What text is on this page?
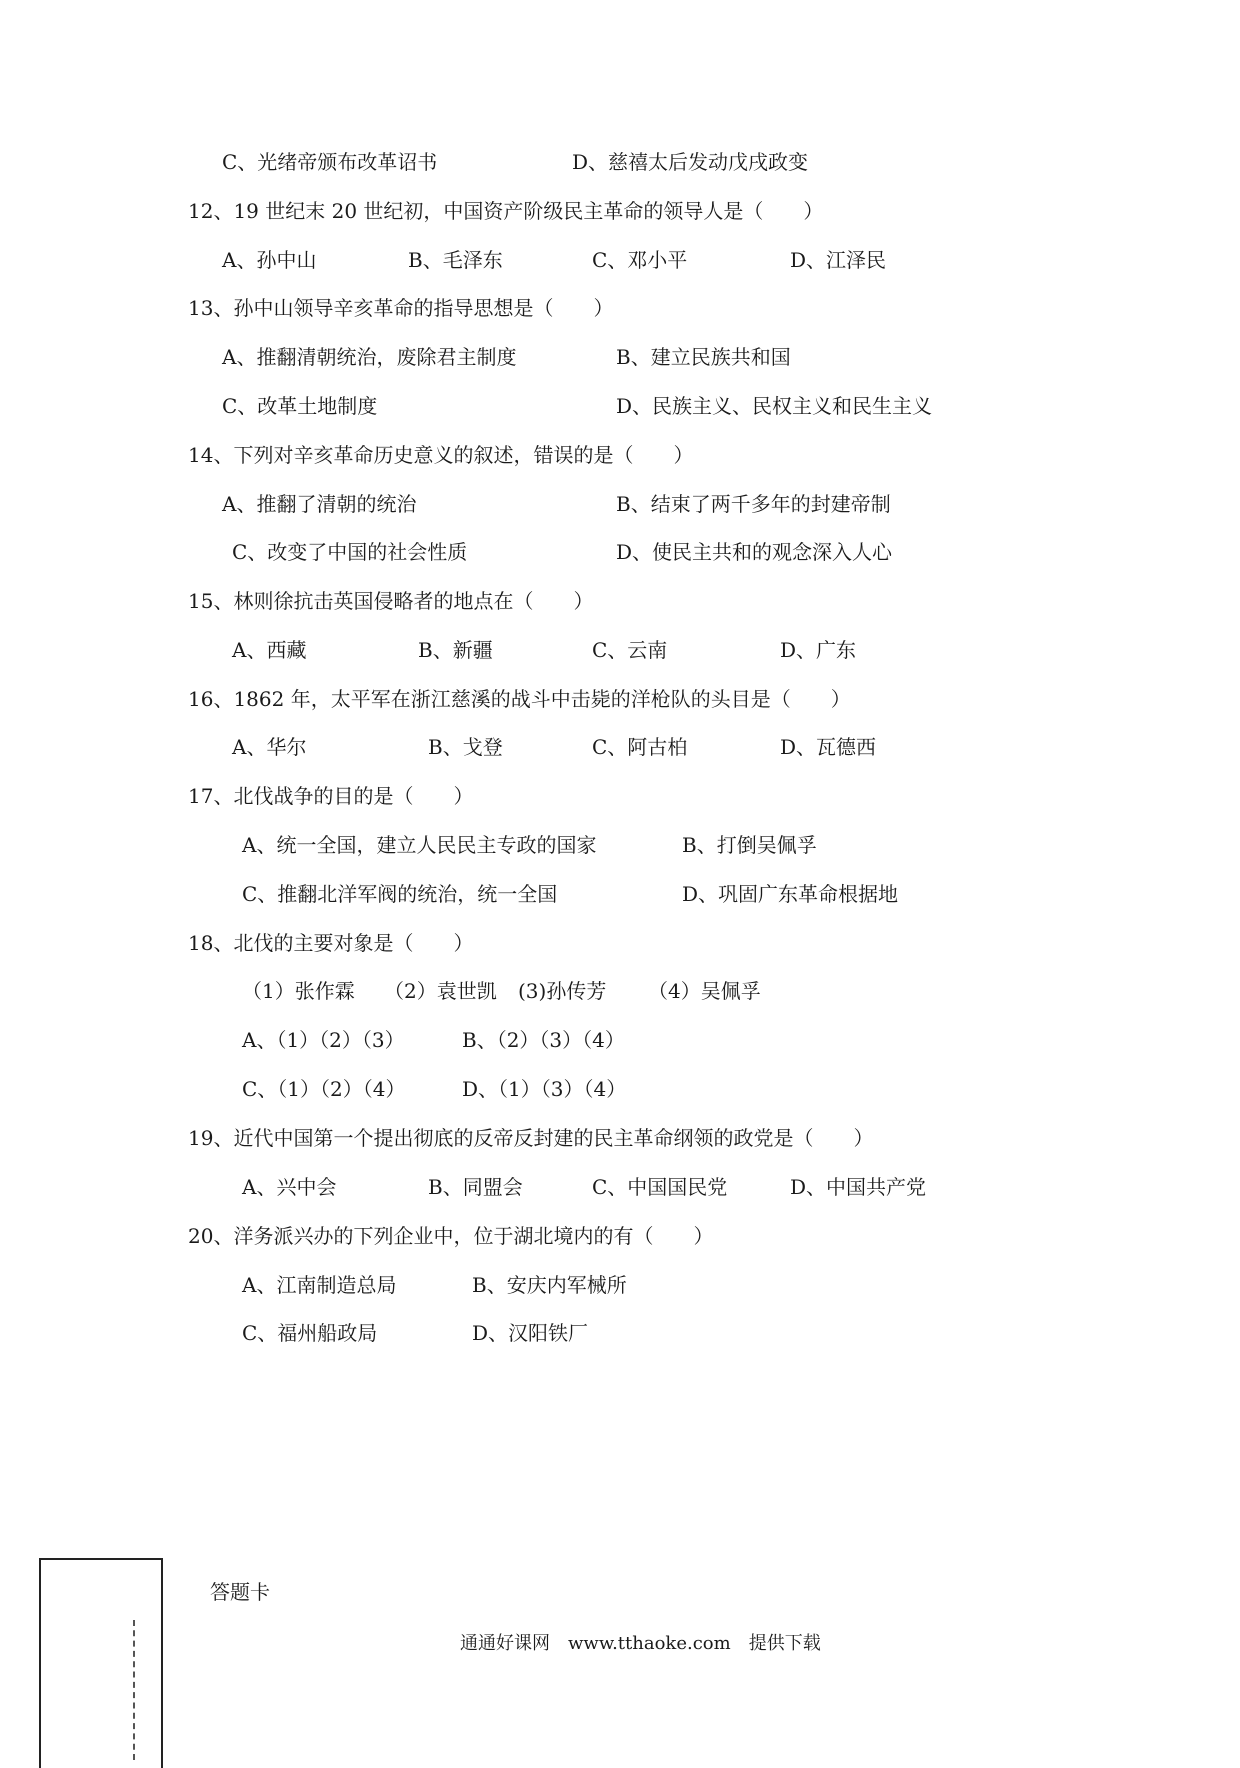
C、光绪帝颁布改革诏书	D、慈禧太后发动戊戌政变
12、19 世纪末 20 世纪初，中国资产阶级民主革命的领导人是（　　）
A、孙中山	B、毛泽东	C、邓小平	D、江泽民
13、孙中山领导辛亥革命的指导思想是（　　）
A、推翻清朝统治，废除君主制度	B、建立民族共和国
C、改革土地制度	D、民族主义、民权主义和民生主义
14、下列对辛亥革命历史意义的叙述，错误的是（　　）
A、推翻了清朝的统治	B、结束了两千多年的封建帝制
C、改变了中国的社会性质	D、使民主共和的观念深入人心
15、林则徐抗击英国侵略者的地点在（　　）
A、西藏	B、新疆	C、云南	D、广东
16、1862 年，太平军在浙江慈溪的战斗中击毙的洋枪队的头目是（　　）
A、华尔	B、戈登	C、阿古柏	D、瓦德西
17、北伐战争的目的是（　　）
A、统一全国，建立人民民主专政的国家	B、打倒吴佩孚
C、推翻北洋军阀的统治，统一全国	D、巩固广东革命根据地
18、北伐的主要对象是（　　）
（1）张作霖 （2）袁世凯 (3)孙传芳 （4）吴佩孚
A、（1）（2）（3）	B、（2）（3）（4）
C、（1）（2）（4）	D、（1）（3）（4）
19、近代中国第一个提出彻底的反帝反封建的民主革命纲领的政党是（　　）
A、兴中会	B、同盟会	C、中国国民党	D、中国共产党
20、洋务派兴办的下列企业中，位于湖北境内的有（　　）
A、江南制造总局	B、安庆内军械所
C、福州船政局	D、汉阳铁厂
答题卡
通通好课网　www.tthaoke.com　提供下载
